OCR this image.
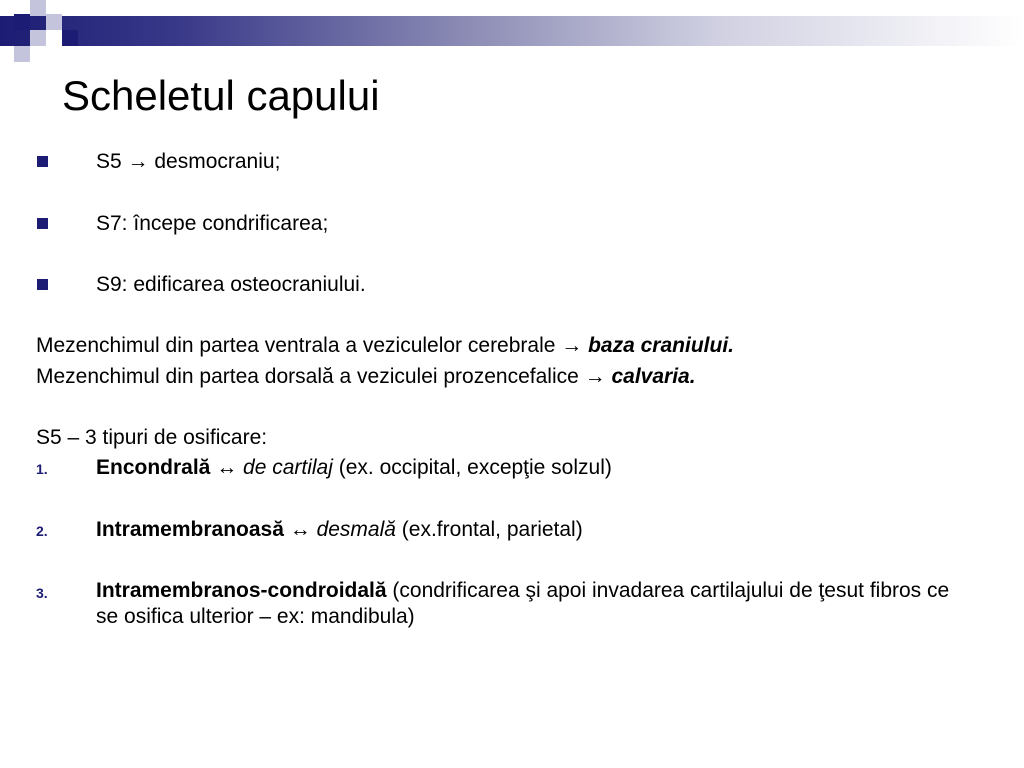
Scheletul capului
S5 → desmocraniu;
S7: începe condrificarea;
S9: edificarea osteocraniului.
Mezenchimul din partea ventrala a veziculelor cerebrale → baza craniului.
Mezenchimul din partea dorsală a veziculei prozencefalice → calvaria.
S5 – 3 tipuri de osificare:
1. Encondrală ↔ de cartilaj (ex. occipital, excepţie solzul)
2. Intramembranoasă ↔ desmală (ex.frontal, parietal)
3. Intramembranos-condroidală (condrificarea şi apoi invadarea cartilajului de ţesut fibros ce se osifica ulterior – ex: mandibula)
